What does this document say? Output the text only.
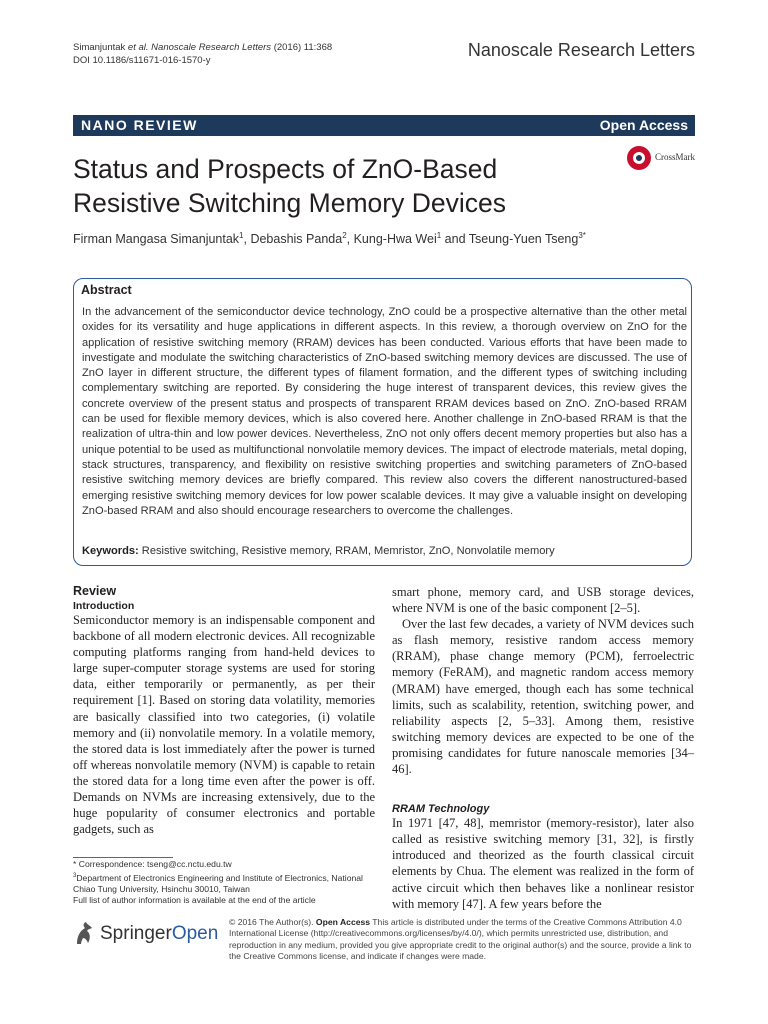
Simanjuntak et al. Nanoscale Research Letters (2016) 11:368
DOI 10.1186/s11671-016-1570-y
Nanoscale Research Letters
NANO REVIEW	Open Access
Status and Prospects of ZnO-Based
Resistive Switching Memory Devices
CrossMark
Firman Mangasa Simanjuntak$^1$, Debashis Panda$^2$, Kung-Hwa Wei$^1$ and Tseung-Yuen Tseng$^{3*}$
Abstract
In the advancement of the semiconductor device technology, ZnO could be a prospective alternative than the other metal oxides for its versatility and huge applications in different aspects. In this review, a thorough overview on ZnO for the application of resistive switching memory (RRAM) devices has been conducted. Various efforts that have been made to investigate and modulate the switching characteristics of ZnO-based switching memory devices are discussed. The use of ZnO layer in different structure, the different types of filament formation, and the different types of switching including complementary switching are reported. By considering the huge interest of transparent devices, this review gives the concrete overview of the present status and prospects of transparent RRAM devices based on ZnO. ZnO-based RRAM can be used for flexible memory devices, which is also covered here. Another challenge in ZnO-based RRAM is that the realization of ultra-thin and low power devices. Nevertheless, ZnO not only offers decent memory properties but also has a unique potential to be used as multifunctional nonvolatile memory devices. The impact of electrode materials, metal doping, stack structures, transparency, and flexibility on resistive switching properties and switching parameters of ZnO-based resistive switching memory devices are briefly compared. This review also covers the different nanostructured-based emerging resistive switching memory devices for low power scalable devices. It may give a valuable insight on developing ZnO-based RRAM and also should encourage researchers to overcome the challenges.
Keywords: Resistive switching, Resistive memory, RRAM, Memristor, ZnO, Nonvolatile memory

Review

Introduction

Semiconductor memory is an indispensable component and backbone of all modern electronic devices. All recognizable computing platforms ranging from hand-held devices to large super-computer storage systems are used for storing data, either temporarily or permanently, as per their requirement [1]. Based on storing data volatility, memories are basically classified into two categories, (i) volatile memory and (ii) nonvolatile memory. In a volatile memory, the stored data is lost immediately after the power is turned off whereas nonvolatile memory (NVM) is capable to retain the stored data for a long time even after the power is off. Demands on NVMs are increasing extensively, due to the huge popularity of consumer electronics and portable gadgets, such as

smart phone, memory card, and USB storage devices, where NVM is one of the basic component [2–5].

Over the last few decades, a variety of NVM devices such as flash memory, resistive random access memory (RRAM), phase change memory (PCM), ferroelectric memory (FeRAM), and magnetic random access memory (MRAM) have emerged, though each has some technical limits, such as scalability, retention, switching power, and reliability aspects [2, 5–33]. Among them, resistive switching memory devices are expected to be one of the promising candidates for future nanoscale memories [34–46].

RRAM Technology

In 1971 [47, 48], memristor (memory-resistor), later also called as resistive switching memory [31, 32], is firstly introduced and theorized as the fourth classical circuit elements by Chua. The element was realized in the form of active circuit which then behaves like a nonlinear resistor with memory [47]. A few years before the

* Correspondence: tseng@cc.nctu.edu.tw
$^3$Department of Electronics Engineering and Institute of Electronics, National Chiao Tung University, Hsinchu 30010, Taiwan
Full list of author information is available at the end of the article
SpringerOpen
© 2016 The Author(s). Open Access This article is distributed under the terms of the Creative Commons Attribution 4.0 International License (http://creativecommons.org/licenses/by/4.0/), which permits unrestricted use, distribution, and reproduction in any medium, provided you give appropriate credit to the original author(s) and the source, provide a link to the Creative Commons license, and indicate if changes were made.
